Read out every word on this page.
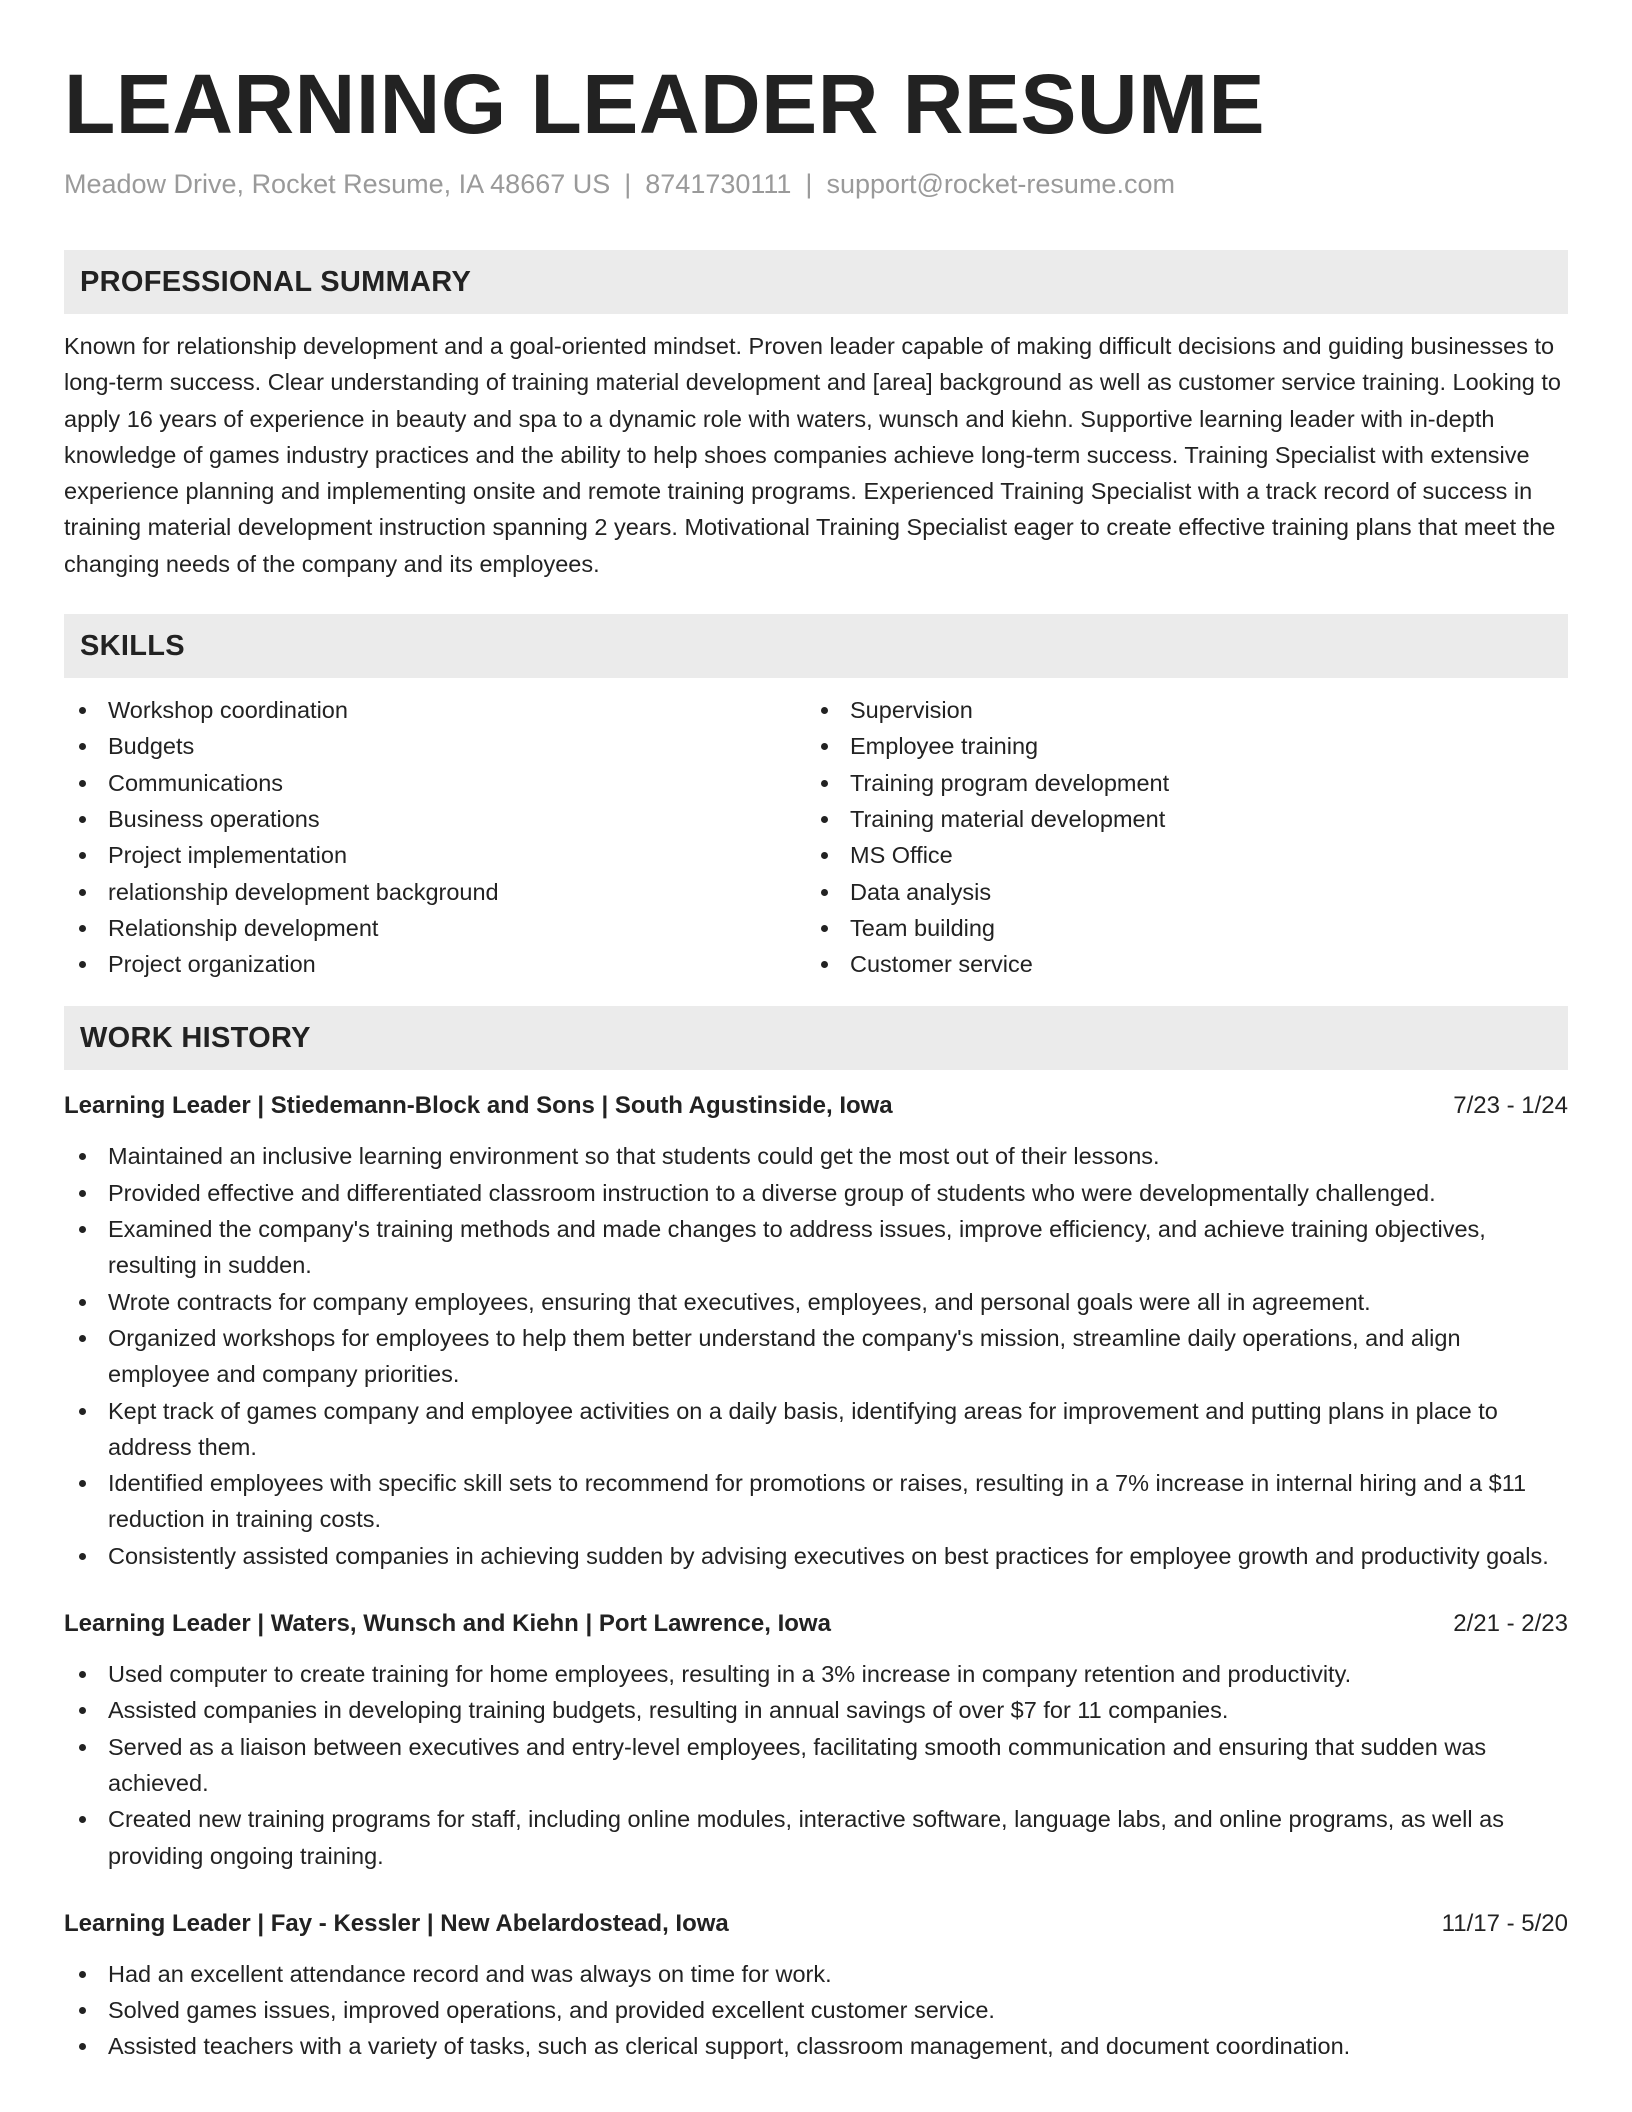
LEARNING LEADER RESUME
Meadow Drive, Rocket Resume, IA 48667 US | 8741730111 | support@rocket-resume.com
PROFESSIONAL SUMMARY

Known for relationship development and a goal-oriented mindset. Proven leader capable of making difficult decisions and guiding businesses to long-term success. Clear understanding of training material development and [area] background as well as customer service training. Looking to apply 16 years of experience in beauty and spa to a dynamic role with waters, wunsch and kiehn. Supportive learning leader with in-depth knowledge of games industry practices and the ability to help shoes companies achieve long-term success. Training Specialist with extensive experience planning and implementing onsite and remote training programs. Experienced Training Specialist with a track record of success in training material development instruction spanning 2 years. Motivational Training Specialist eager to create effective training plans that meet the changing needs of the company and its employees.

SKILLS
Workshop coordination
Budgets
Communications
Business operations
Project implementation
relationship development background
Relationship development
Project organization
Supervision
Employee training
Training program development
Training material development
MS Office
Data analysis
Team building
Customer service
WORK HISTORY
Learning Leader | Stiedemann-Block and Sons | South Agustinside, Iowa	7/23 - 1/24
Maintained an inclusive learning environment so that students could get the most out of their lessons.
Provided effective and differentiated classroom instruction to a diverse group of students who were developmentally challenged.
Examined the company's training methods and made changes to address issues, improve efficiency, and achieve training objectives, resulting in sudden.
Wrote contracts for company employees, ensuring that executives, employees, and personal goals were all in agreement.
Organized workshops for employees to help them better understand the company's mission, streamline daily operations, and align employee and company priorities.
Kept track of games company and employee activities on a daily basis, identifying areas for improvement and putting plans in place to address them.
Identified employees with specific skill sets to recommend for promotions or raises, resulting in a 7% increase in internal hiring and a $11 reduction in training costs.
Consistently assisted companies in achieving sudden by advising executives on best practices for employee growth and productivity goals.
Learning Leader | Waters, Wunsch and Kiehn | Port Lawrence, Iowa	2/21 - 2/23
Used computer to create training for home employees, resulting in a 3% increase in company retention and productivity.
Assisted companies in developing training budgets, resulting in annual savings of over $7 for 11 companies.
Served as a liaison between executives and entry-level employees, facilitating smooth communication and ensuring that sudden was achieved.
Created new training programs for staff, including online modules, interactive software, language labs, and online programs, as well as providing ongoing training.
Learning Leader | Fay - Kessler | New Abelardostead, Iowa	11/17 - 5/20
Had an excellent attendance record and was always on time for work.
Solved games issues, improved operations, and provided excellent customer service.
Assisted teachers with a variety of tasks, such as clerical support, classroom management, and document coordination.
